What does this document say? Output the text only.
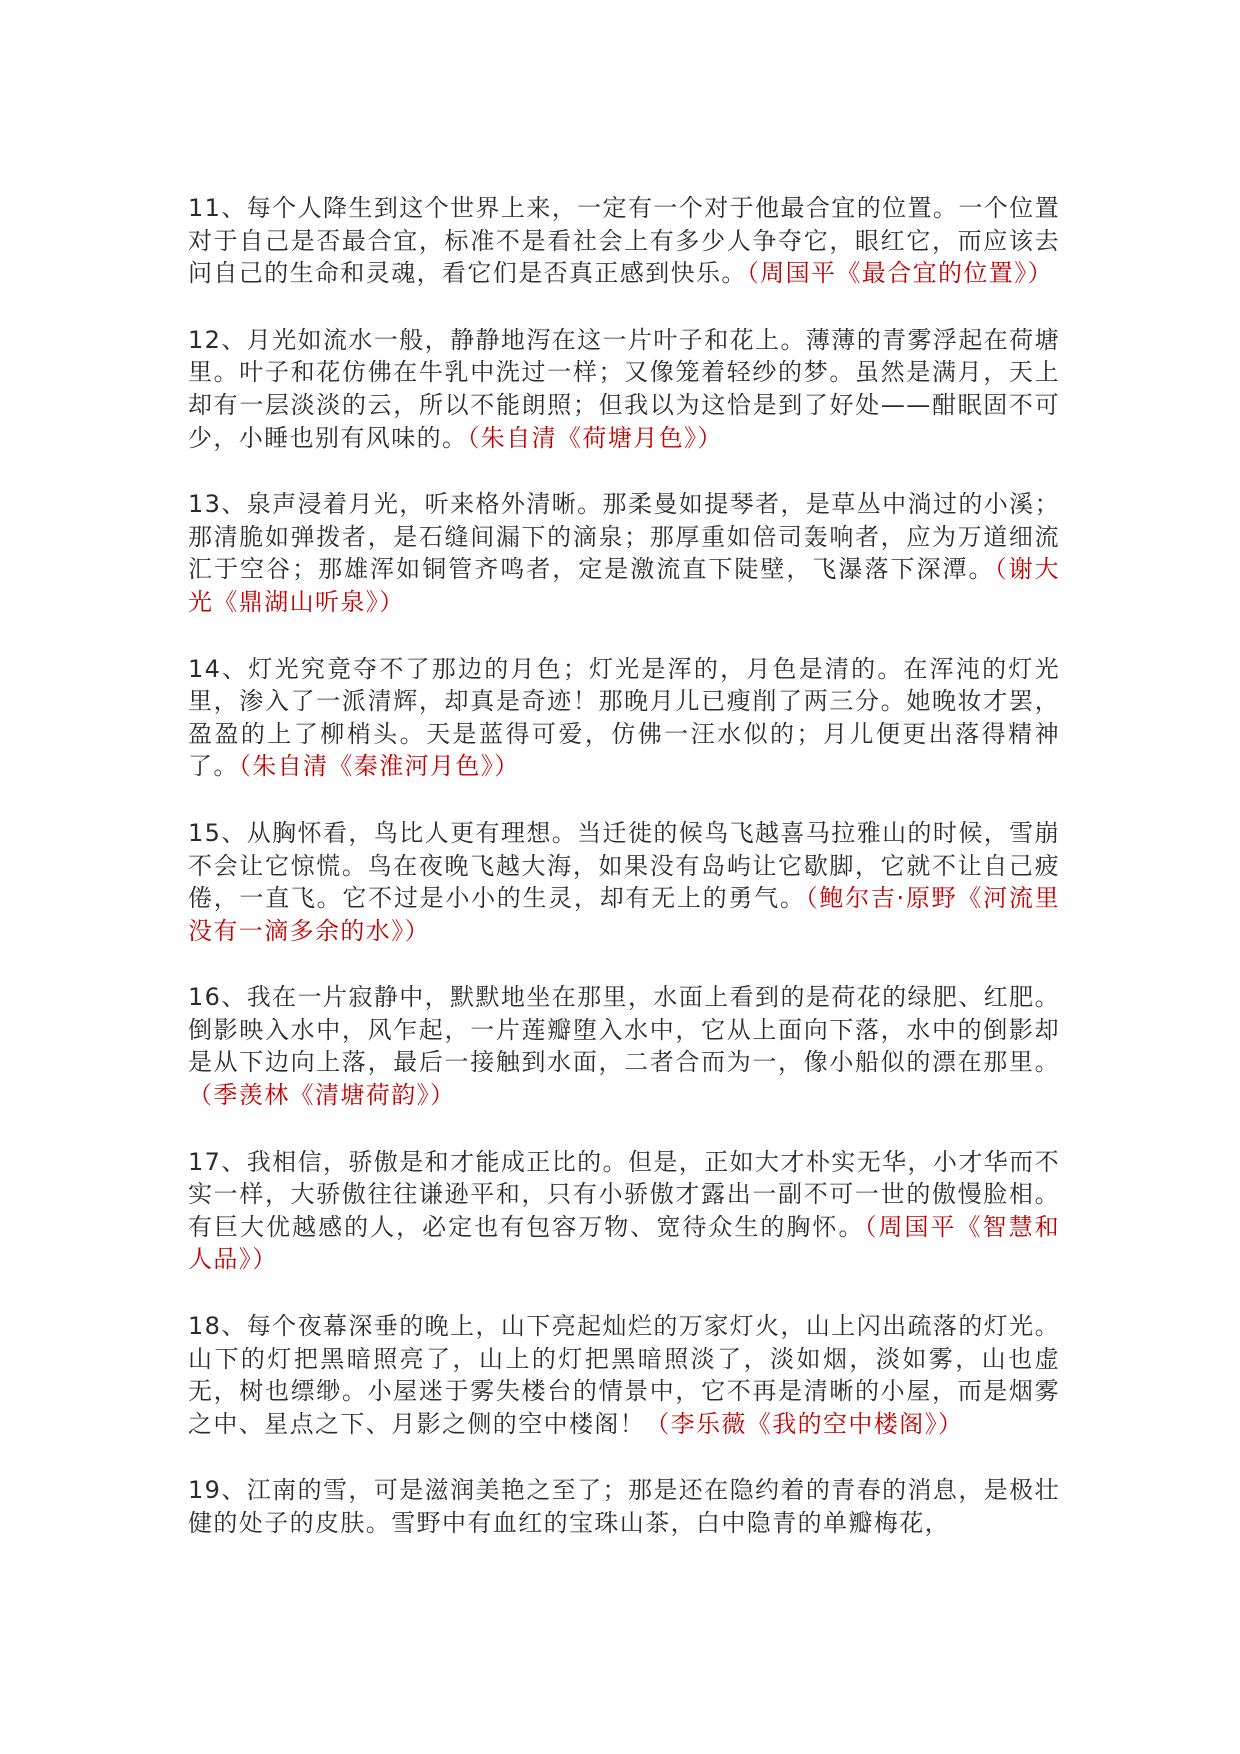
11、每个人降生到这个世界上来，一定有一个对于他最合宜的位置。一个位置对于自己是否最合宜，标准不是看社会上有多少人争夺它，眼红它，而应该去问自己的生命和灵魂，看它们是否真正感到快乐。（周国平《最合宜的位置》）

12、月光如流水一般，静静地泻在这一片叶子和花上。薄薄的青雾浮起在荷塘里。叶子和花仿佛在牛乳中洗过一样；又像笼着轻纱的梦。虽然是满月，天上却有一层淡淡的云，所以不能朗照；但我以为这恰是到了好处——酣眠固不可少，小睡也别有风味的。（朱自清《荷塘月色》）

13、泉声浸着月光，听来格外清晰。那柔曼如提琴者，是草丛中淌过的小溪；那清脆如弹拨者，是石缝间漏下的滴泉；那厚重如倍司轰响者，应为万道细流汇于空谷；那雄浑如铜管齐鸣者，定是激流直下陡壁，飞瀑落下深潭。（谢大光《鼎湖山听泉》）

14、灯光究竟夺不了那边的月色；灯光是浑的，月色是清的。在浑沌的灯光里，渗入了一派清辉，却真是奇迹！那晚月儿已瘦削了两三分。她晚妆才罢，盈盈的上了柳梢头。天是蓝得可爱，仿佛一汪水似的；月儿便更出落得精神了。（朱自清《秦淮河月色》）

15、从胸怀看，鸟比人更有理想。当迁徙的候鸟飞越喜马拉雅山的时候，雪崩不会让它惊慌。鸟在夜晚飞越大海，如果没有岛屿让它歇脚，它就不让自己疲倦，一直飞。它不过是小小的生灵，却有无上的勇气。（鲍尔吉·原野《河流里没有一滴多余的水》）

16、我在一片寂静中，默默地坐在那里，水面上看到的是荷花的绿肥、红肥。倒影映入水中，风乍起，一片莲瓣堕入水中，它从上面向下落，水中的倒影却是从下边向上落，最后一接触到水面，二者合而为一，像小船似的漂在那里。（季羡林《清塘荷韵》）

17、我相信，骄傲是和才能成正比的。但是，正如大才朴实无华，小才华而不实一样，大骄傲往往谦逊平和，只有小骄傲才露出一副不可一世的傲慢脸相。有巨大优越感的人，必定也有包容万物、宽待众生的胸怀。（周国平《智慧和人品》）

18、每个夜幕深垂的晚上，山下亮起灿烂的万家灯火，山上闪出疏落的灯光。山下的灯把黑暗照亮了，山上的灯把黑暗照淡了，淡如烟，淡如雾，山也虚无，树也缥缈。小屋迷于雾失楼台的情景中，它不再是清晰的小屋，而是烟雾之中、星点之下、月影之侧的空中楼阁！（李乐薇《我的空中楼阁》）

19、江南的雪，可是滋润美艳之至了；那是还在隐约着的青春的消息，是极壮健的处子的皮肤。雪野中有血红的宝珠山茶，白中隐青的单瓣梅花，
